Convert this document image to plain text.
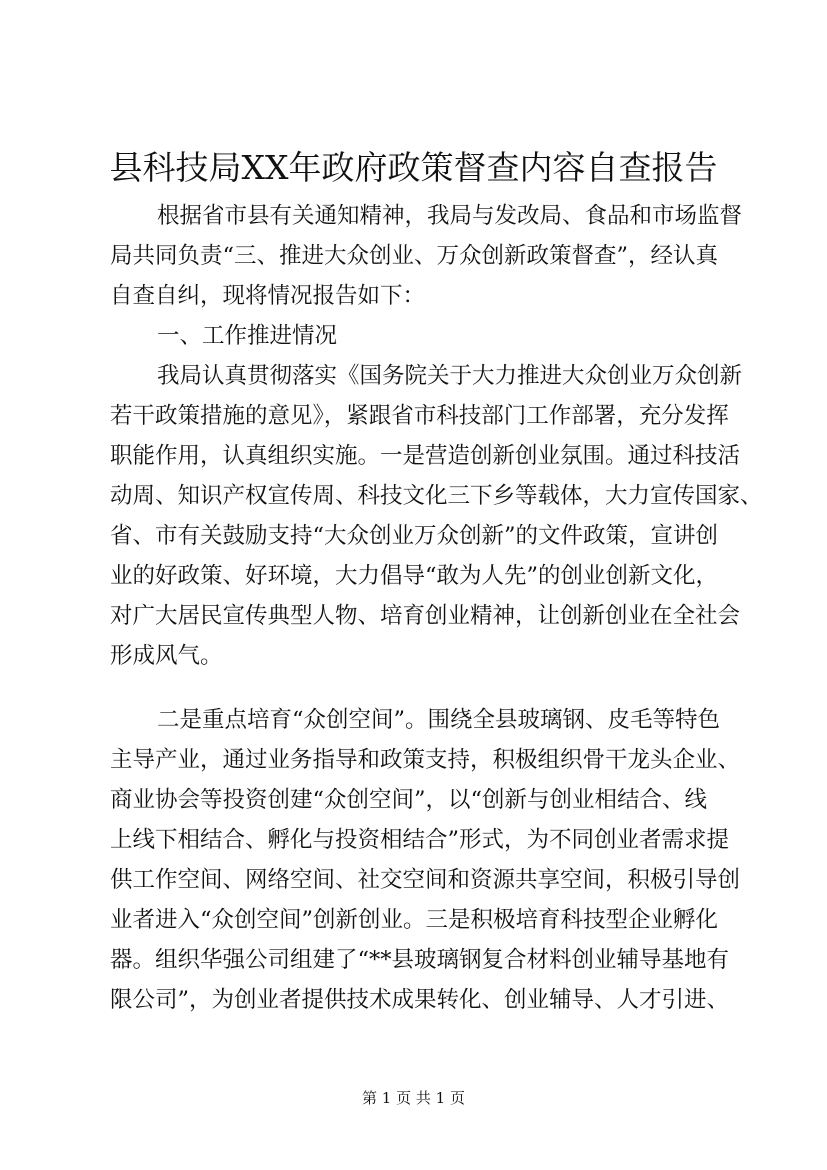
县科技局XX年政府政策督查内容自查报告
根据省市县有关通知精神，我局与发改局、食品和市场监督
局共同负责“三、推进大众创业、万众创新政策督查”，经认真
自查自纠，现将情况报告如下：
一、工作推进情况
我局认真贯彻落实《国务院关于大力推进大众创业万众创新
若干政策措施的意见》，紧跟省市科技部门工作部署，充分发挥
职能作用，认真组织实施。一是营造创新创业氛围。通过科技活
动周、知识产权宣传周、科技文化三下乡等载体，大力宣传国家、
省、市有关鼓励支持“大众创业万众创新”的文件政策，宣讲创
业的好政策、好环境，大力倡导“敢为人先”的创业创新文化，
对广大居民宣传典型人物、培育创业精神，让创新创业在全社会
形成风气。
二是重点培育“众创空间”。围绕全县玻璃钢、皮毛等特色
主导产业，通过业务指导和政策支持，积极组织骨干龙头企业、
商业协会等投资创建“众创空间”，以“创新与创业相结合、线
上线下相结合、孵化与投资相结合”形式，为不同创业者需求提
供工作空间、网络空间、社交空间和资源共享空间，积极引导创
业者进入“众创空间”创新创业。三是积极培育科技型企业孵化
器。组织华强公司组建了“**县玻璃钢复合材料创业辅导基地有
限公司”，为创业者提供技术成果转化、创业辅导、人才引进、
第 1 页 共 1 页
